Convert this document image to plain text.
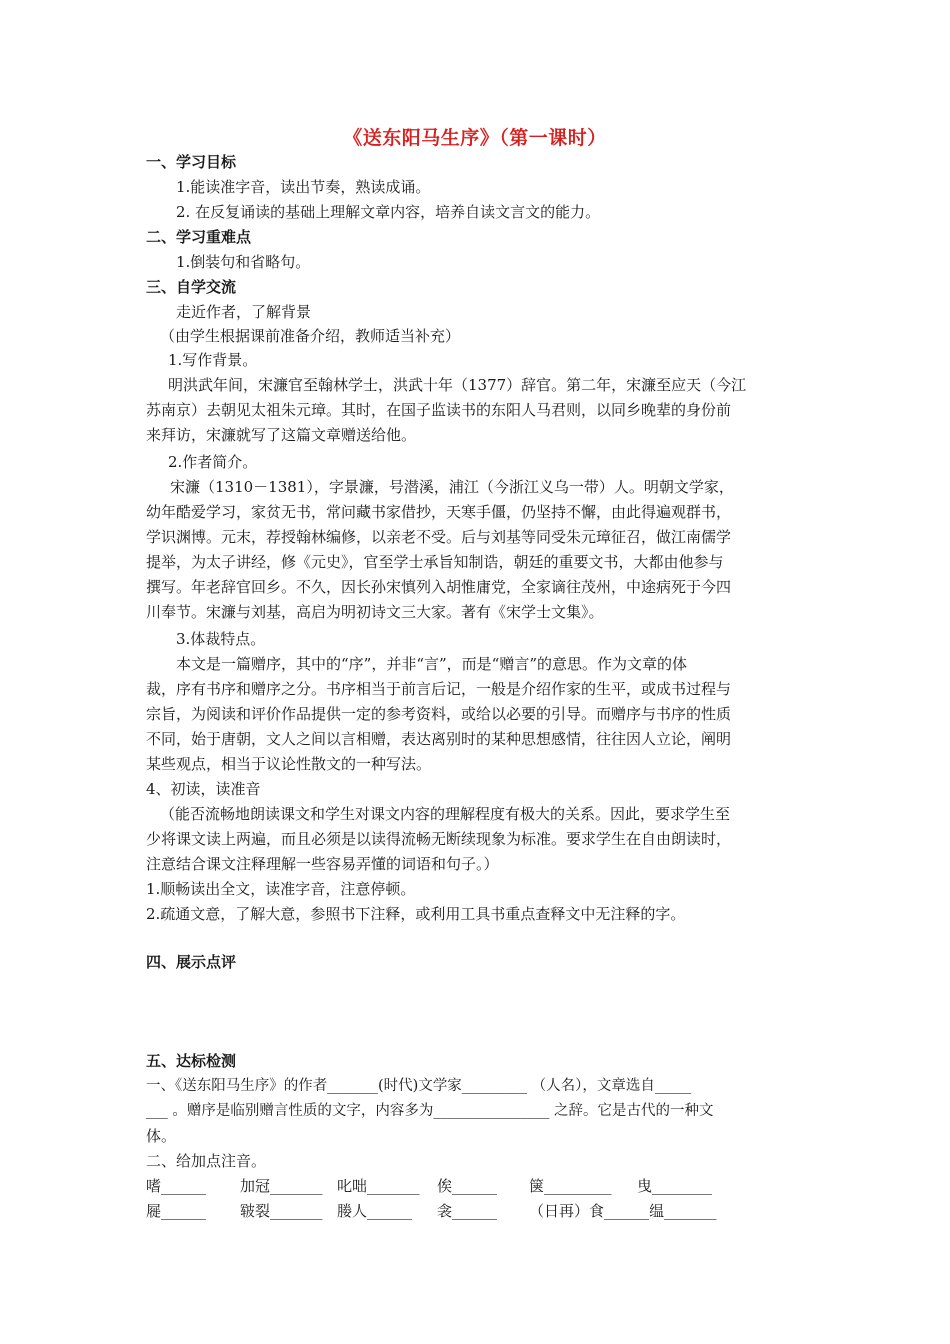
《送东阳马生序》（第一课时）
一、学习目标
1.能读准字音，读出节奏，熟读成诵。
2. 在反复诵读的基础上理解文章内容，培养自读文言文的能力。
二、学习重难点
1.倒装句和省略句。
三、自学交流
走近作者，了解背景
（由学生根据课前准备介绍，教师适当补充）
1.写作背景。
明洪武年间，宋濂官至翰林学士，洪武十年（1377）辞官。第二年，宋濂至应天（今江
苏南京）去朝见太祖朱元璋。其时，在国子监读书的东阳人马君则，以同乡晚辈的身份前
来拜访，宋濂就写了这篇文章赠送给他。
2.作者简介。
宋濂（1310－1381），字景濂，号潜溪，浦江（今浙江义乌一带）人。明朝文学家，
幼年酷爱学习，家贫无书，常问藏书家借抄，天寒手僵，仍坚持不懈，由此得遍观群书，
学识渊博。元末，荐授翰林编修，以亲老不受。后与刘基等同受朱元璋征召，做江南儒学
提举，为太子讲经，修《元史》，官至学士承旨知制诰，朝廷的重要文书，大都由他参与
撰写。年老辞官回乡。不久，因长孙宋慎列入胡惟庸党，全家谪往茂州，中途病死于今四
川奉节。宋濂与刘基，高启为明初诗文三大家。著有《宋学士文集》。
3.体裁特点。
本文是一篇赠序，其中的“序”，并非“言”，而是“赠言”的意思。作为文章的体
裁，序有书序和赠序之分。书序相当于前言后记，一般是介绍作家的生平，或成书过程与
宗旨，为阅读和评价作品提供一定的参考资料，或给以必要的引导。而赠序与书序的性质
不同，始于唐朝，文人之间以言相赠，表达离别时的某种思想感情，往往因人立论，阐明
某些观点，相当于议论性散文的一种写法。
4、初读，读准音
（能否流畅地朗读课文和学生对课文内容的理解程度有极大的关系。因此，要求学生至
少将课文读上两遍，而且必须是以读得流畅无断续现象为标准。要求学生在自由朗读时，
注意结合课文注释理解一些容易弄懂的词语和句子。）
1.顺畅读出全文，读准字音，注意停顿。
2.疏通文意，了解大意，参照书下注释，或利用工具书重点查释文中无注释的字。
四、展示点评
五、达标检测
一、《送东阳马生序》的作者_______(时代)文学家_________ （人名），文章选自_____
___ 。赠序是临别赠言性质的文字，内容多为________________ 之辞。它是古代的一种文
体。
二、给加点注音。
嗜______ 加冠_______ 叱咄_______ 俟______ 箧_________ 曳________
屣______ 皲裂_______ 媵人______ 衾______ （日再）食______缊_______
